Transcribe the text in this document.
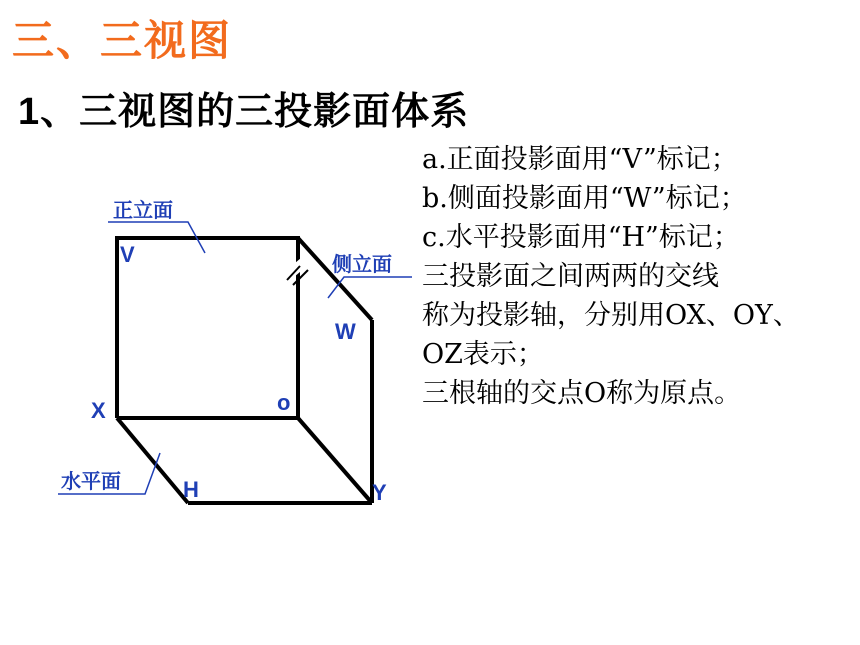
三、三视图
1、三视图的三投影面体系
正立面
侧立面
水平面
V
W
H
X
Y
o
a.正面投影面用“V”标记；
b.侧面投影面用“W”标记；
c.水平投影面用“H”标记；
三投影面之间两两的交线
称为投影轴，分别用OX、OY、
OZ表示；
三根轴的交点O称为原点。
